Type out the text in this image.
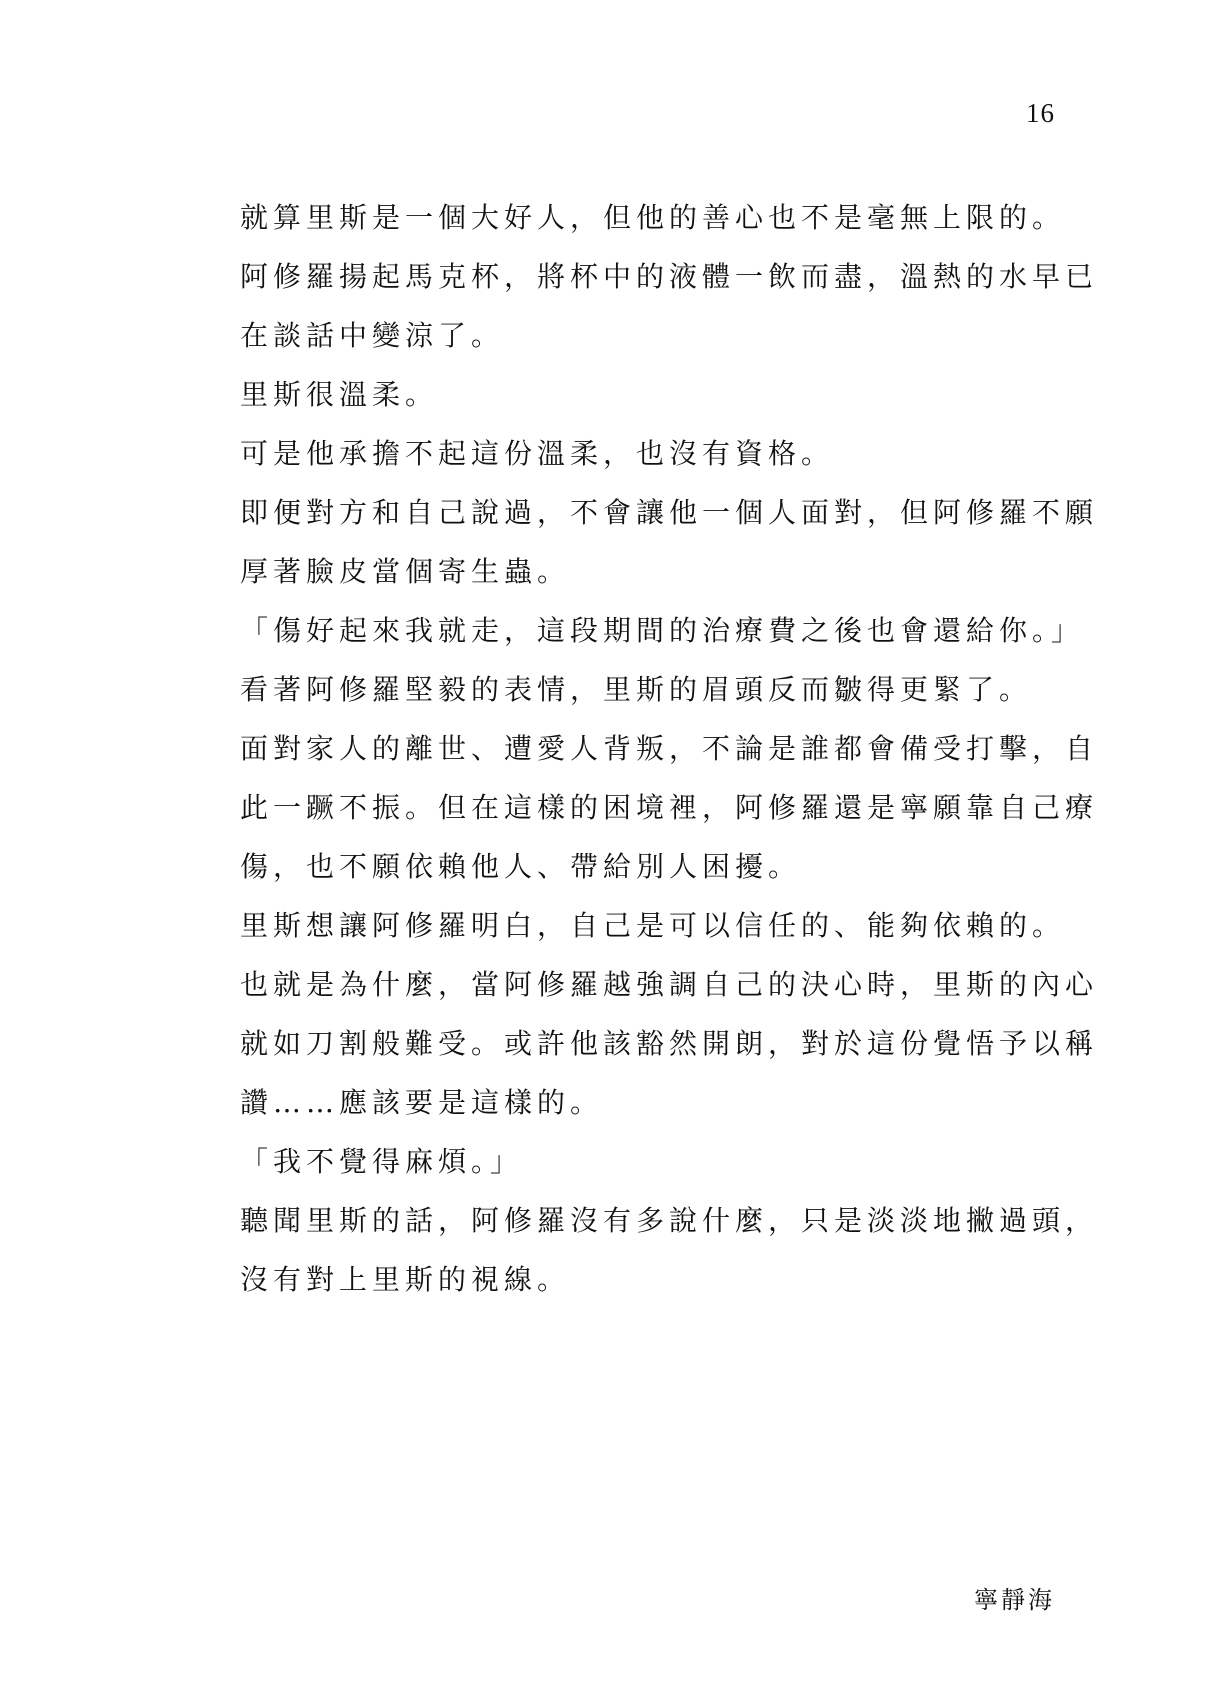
16

就算里斯是一個大好人，但他的善心也不是毫無上限的。

阿修羅揚起馬克杯，將杯中的液體一飲而盡，溫熱的水早已

在談話中變涼了。

里斯很溫柔。

可是他承擔不起這份溫柔，也沒有資格。

即便對方和自己說過，不會讓他一個人面對，但阿修羅不願

厚著臉皮當個寄生蟲。

「傷好起來我就走，這段期間的治療費之後也會還給你。」

看著阿修羅堅毅的表情，里斯的眉頭反而皺得更緊了。

面對家人的離世、遭愛人背叛，不論是誰都會備受打擊，自

此一蹶不振。但在這樣的困境裡，阿修羅還是寧願靠自己療

傷，也不願依賴他人、帶給別人困擾。

里斯想讓阿修羅明白，自己是可以信任的、能夠依賴的。

也就是為什麼，當阿修羅越強調自己的決心時，里斯的內心

就如刀割般難受。或許他該豁然開朗，對於這份覺悟予以稱

讚……應該要是這樣的。

「我不覺得麻煩。」

聽聞里斯的話，阿修羅沒有多說什麼，只是淡淡地撇過頭，

沒有對上里斯的視線。

寧靜海
